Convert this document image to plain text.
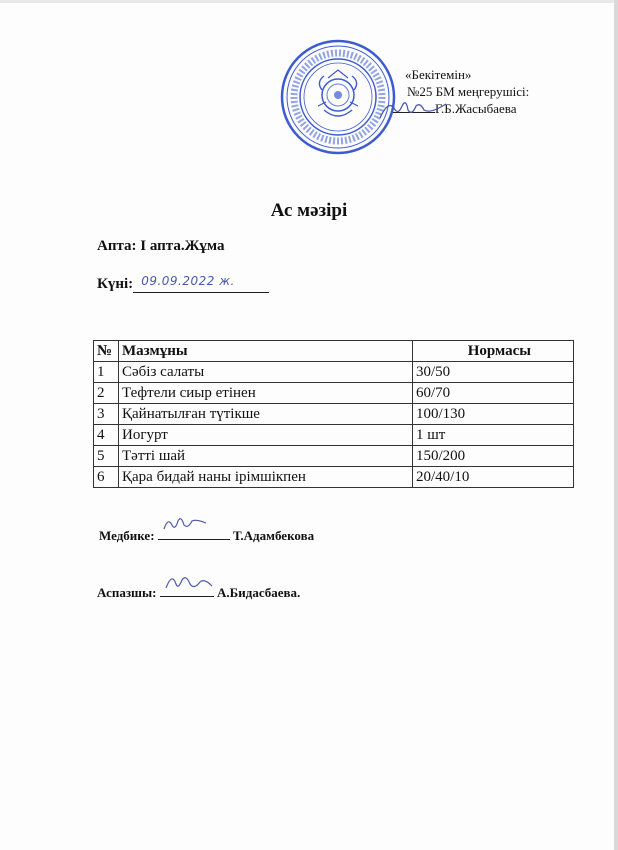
«Бекітемін»
№25 БМ меңгерушісі:
Г.Б.Жасыбаева
Ас мәзірі
Апта: I апта.Жұма
Күні: 09.09.2022 ж.
№	Мазмұны	Нормасы
1	Сәбіз салаты	30/50
2	Тефтели сиыр етінен	60/70
3	Қайнатылған түтікше	100/130
4	Иогурт	1 шт
5	Тәтті шай	150/200
6	Қара бидай наны ірімшікпен	20/40/10
Медбике:	Т.Адамбекова
Аспазшы:	А.Бидасбаева.
